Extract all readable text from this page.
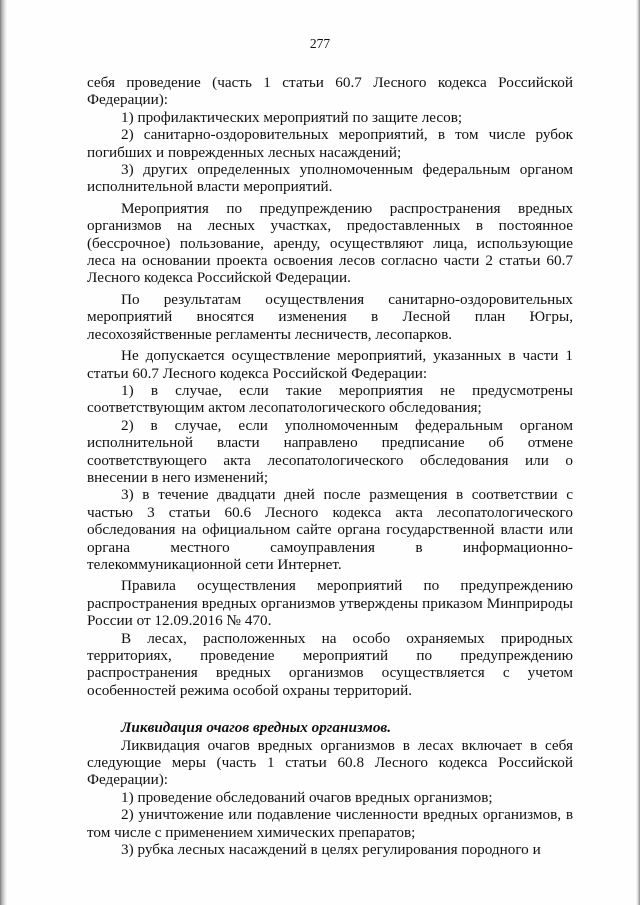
277

себя проведение (часть 1 статьи 60.7 Лесного кодекса Российской Федерации):

1) профилактических мероприятий по защите лесов;

2) санитарно-оздоровительных мероприятий, в том числе рубок погибших и поврежденных лесных насаждений;

3) других определенных уполномоченным федеральным органом исполнительной власти мероприятий.

Мероприятия по предупреждению распространения вредных организмов на лесных участках, предоставленных в постоянное (бессрочное) пользование, аренду, осуществляют лица, использующие леса на основании проекта освоения лесов согласно части 2 статьи 60.7 Лесного кодекса Российской Федерации.

По результатам осуществления санитарно-оздоровительных мероприятий вносятся изменения в Лесной план Югры, лесохозяйственные регламенты лесничеств, лесопарков.

Не допускается осуществление мероприятий, указанных в части 1 статьи 60.7 Лесного кодекса Российской Федерации:

1) в случае, если такие мероприятия не предусмотрены соответствующим актом лесопатологического обследования;

2) в случае, если уполномоченным федеральным органом исполнительной власти направлено предписание об отмене соответствующего акта лесопатологического обследования или о внесении в него изменений;

3) в течение двадцати дней после размещения в соответствии с частью 3 статьи 60.6 Лесного кодекса акта лесопатологического обследования на официальном сайте органа государственной власти или органа местного самоуправления в информационно-телекоммуникационной сети Интернет.

Правила осуществления мероприятий по предупреждению распространения вредных организмов утверждены приказом Минприроды России от 12.09.2016 № 470.

В лесах, расположенных на особо охраняемых природных территориях, проведение мероприятий по предупреждению распространения вредных организмов осуществляется с учетом особенностей режима особой охраны территорий.

Ликвидация очагов вредных организмов.

Ликвидация очагов вредных организмов в лесах включает в себя следующие меры (часть 1 статьи 60.8 Лесного кодекса Российской Федерации):

1) проведение обследований очагов вредных организмов;

2) уничтожение или подавление численности вредных организмов, в том числе с применением химических препаратов;

3) рубка лесных насаждений в целях регулирования породного и
